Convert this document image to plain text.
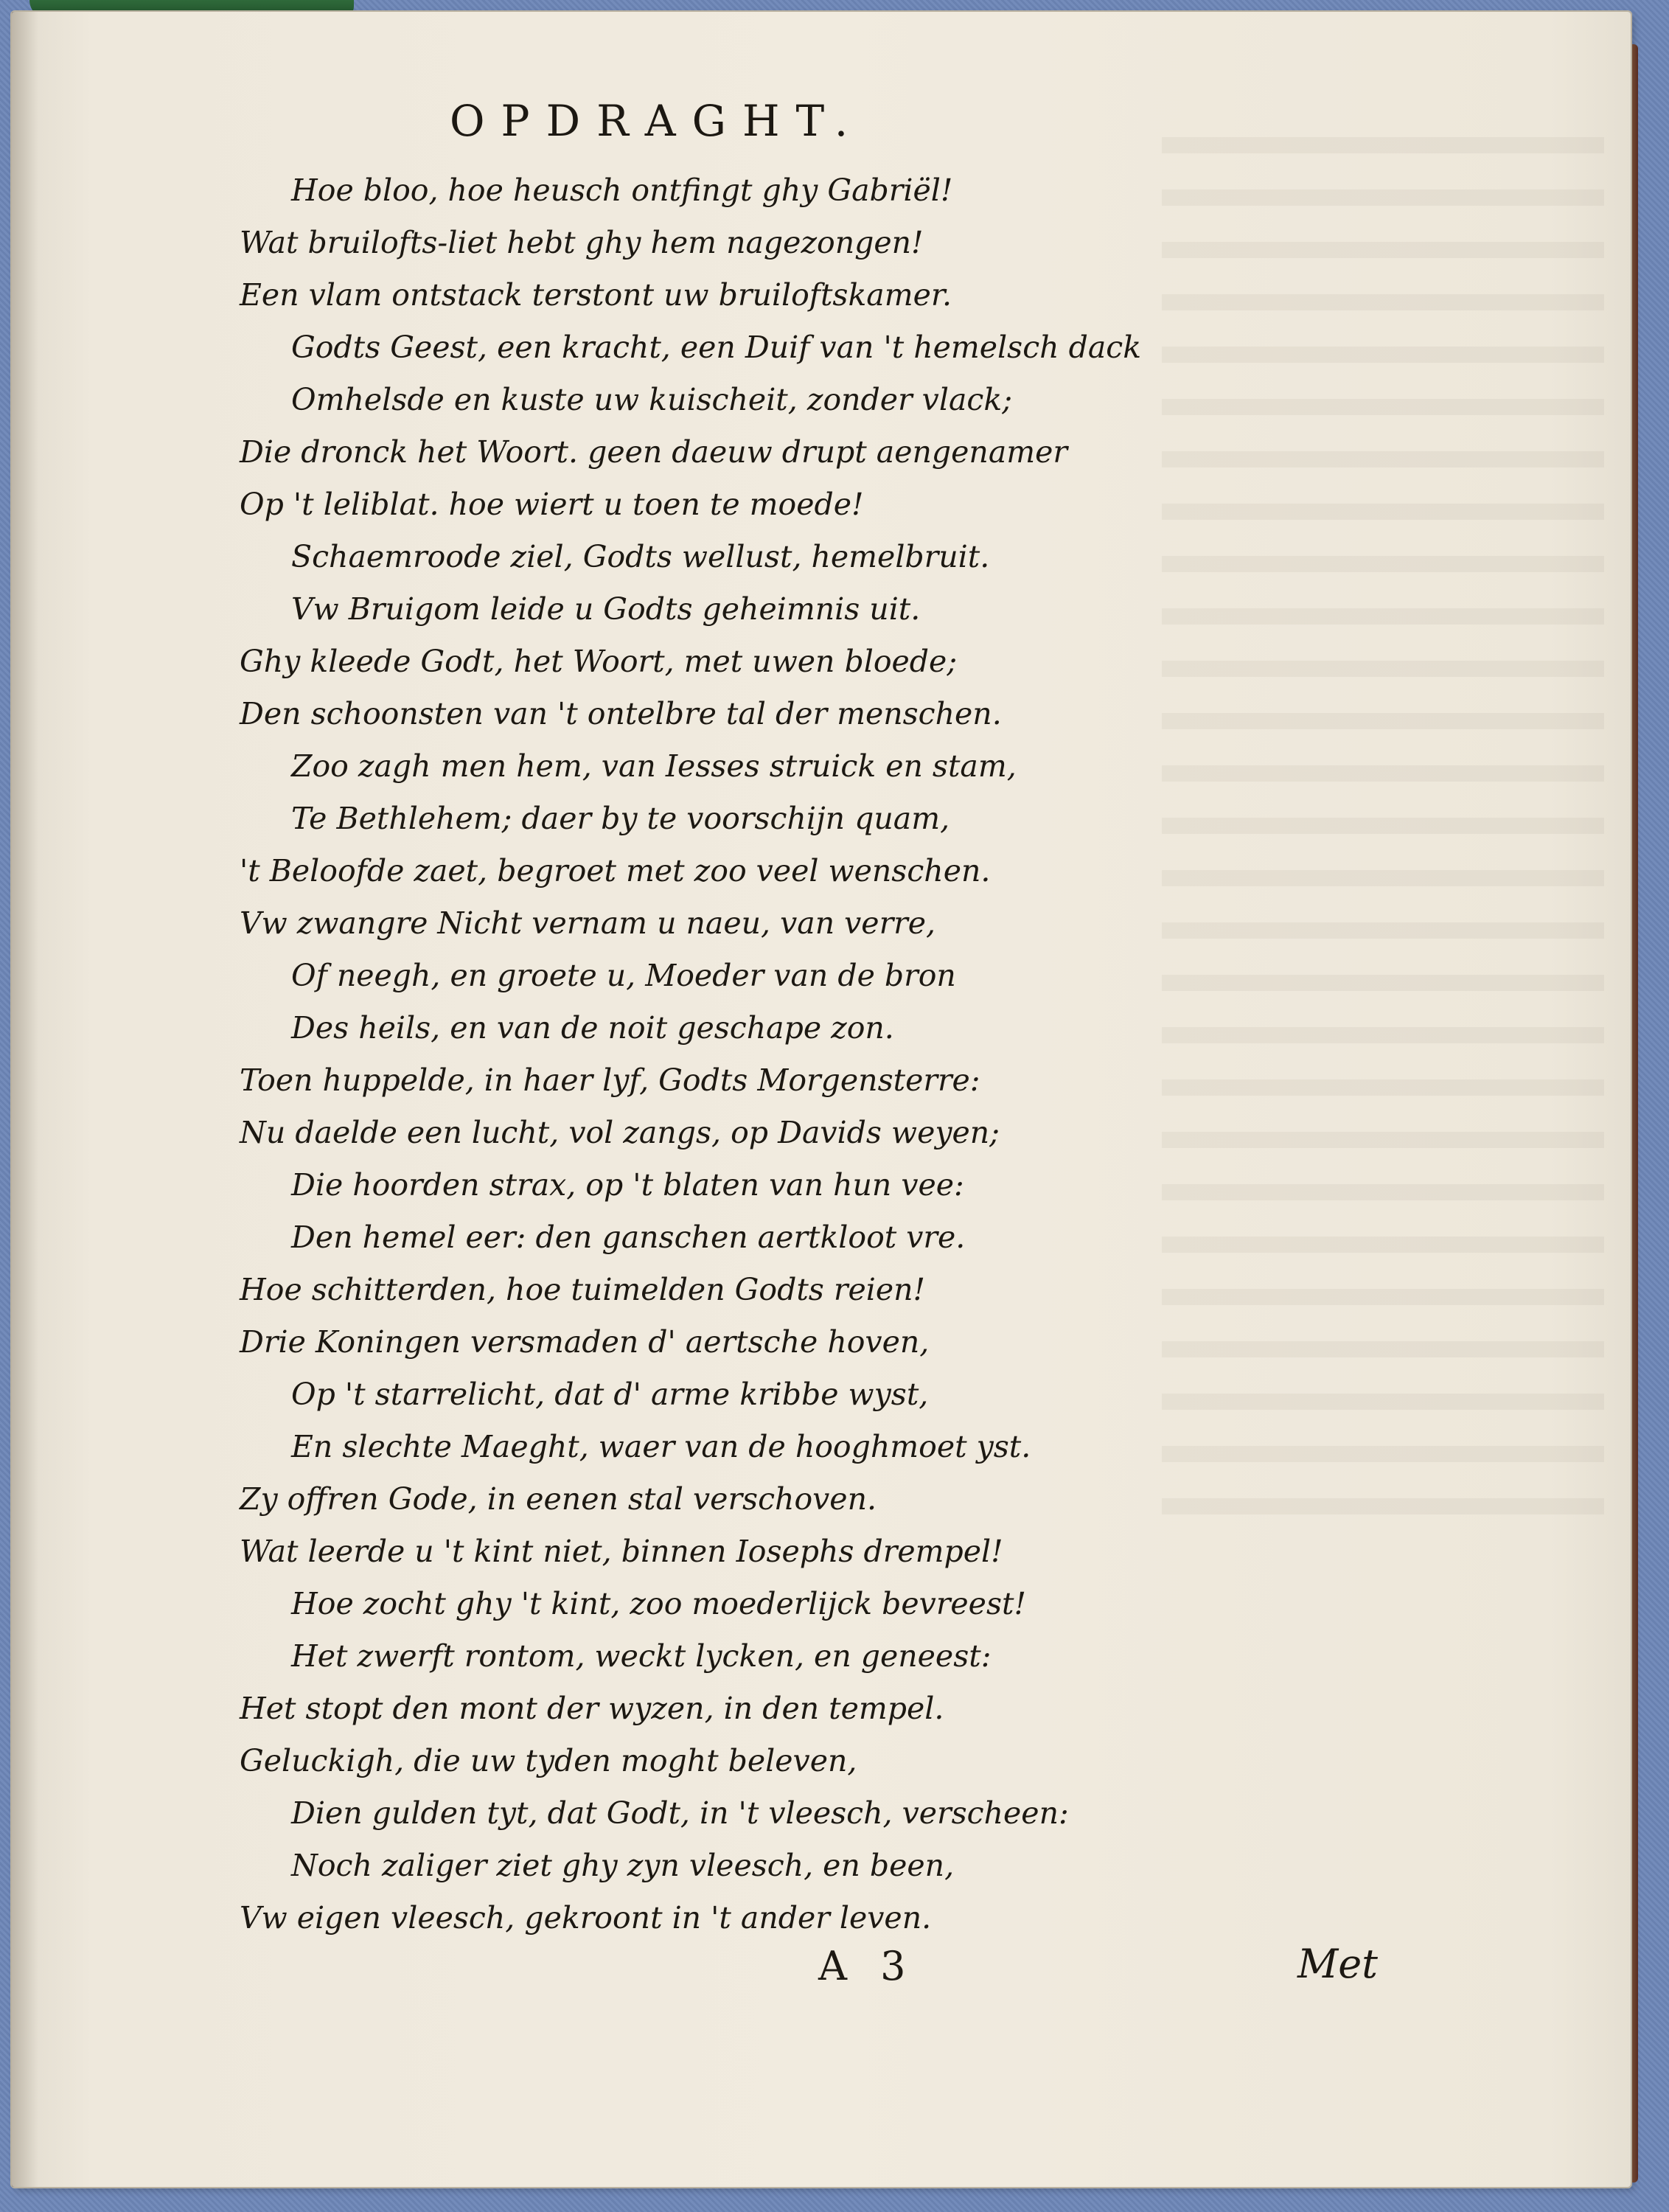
OPDRAGHT.
Hoe bloo, hoe heusch ontfingt ghy Gabriël!
Wat bruilofts-liet hebt ghy hem nagezongen!
Een vlam ontstack terstont uw bruiloftskamer.
Godts Geest, een kracht, een Duif van 't hemelsch dack
Omhelsde en kuste uw kuischeit, zonder vlack;
Die dronck het Woort. geen daeuw drupt aengenamer
Op 't leliblat. hoe wiert u toen te moede!
Schaemroode ziel, Godts wellust, hemelbruit.
Vw Bruigom leide u Godts geheimnis uit.
Ghy kleede Godt, het Woort, met uwen bloede;
Den schoonsten van 't ontelbre tal der menschen.
Zoo zagh men hem, van Iesses struick en stam,
Te Bethlehem; daer by te voorschijn quam,
't Beloofde zaet, begroet met zoo veel wenschen.
Vw zwangre Nicht vernam u naeu, van verre,
Of neegh, en groete u, Moeder van de bron
Des heils, en van de noit geschape zon.
Toen huppelde, in haer lyf, Godts Morgensterre:
Nu daelde een lucht, vol zangs, op Davids weyen;
Die hoorden strax, op 't blaten van hun vee:
Den hemel eer: den ganschen aertkloot vre.
Hoe schitterden, hoe tuimelden Godts reien!
Drie Koningen versmaden d' aertsche hoven,
Op 't starrelicht, dat d' arme kribbe wyst,
En slechte Maeght, waer van de hooghmoet yst.
Zy offren Gode, in eenen stal verschoven.
Wat leerde u 't kint niet, binnen Iosephs drempel!
Hoe zocht ghy 't kint, zoo moederlijck bevreest!
Het zwerft rontom, weckt lycken, en geneest:
Het stopt den mont der wyzen, in den tempel.
Geluckigh, die uw tyden moght beleven,
Dien gulden tyt, dat Godt, in 't vleesch, verscheen:
Noch zaliger ziet ghy zyn vleesch, en been,
Vw eigen vleesch, gekroont in 't ander leven.
A 3	Met
